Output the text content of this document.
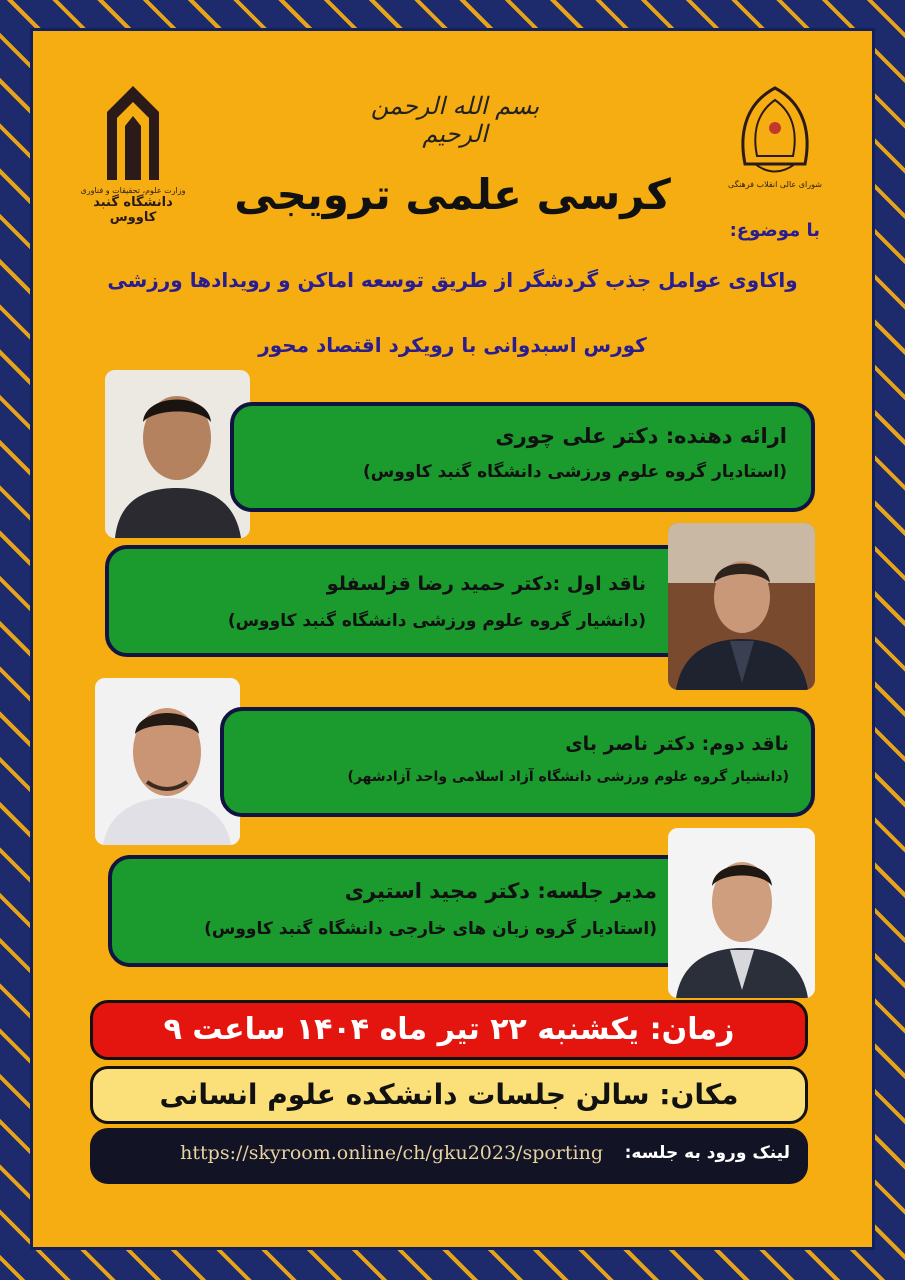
وزارت علوم، تحقیقات و فناوری
دانشگاه گنبد کاووس
شورای عالی انقلاب فرهنگی
بسم الله الرحمن الرحیم
کرسی علمی ترویجی
با موضوع:
واکاوی عوامل جذب گردشگر از طریق توسعه اماکن و رویدادها ورزشی
کورس اسبدوانی با رویکرد اقتصاد محور
ارائه دهنده: دکتر علی چوری
(استادیار گروه علوم ورزشی دانشگاه گنبد کاووس)
ناقد اول :دکتر حمید رضا قزلسفلو
(دانشیار گروه علوم ورزشی دانشگاه گنبد کاووس)
ناقد دوم: دکتر ناصر بای
(دانشیار گروه علوم ورزشی دانشگاه آزاد اسلامی واحد آزادشهر)
مدیر جلسه: دکتر مجید استیری
(استادیار گروه زبان های خارجی دانشگاه گنبد کاووس)
زمان: یکشنبه ۲۲ تیر ماه ۱۴۰۴ ساعت ۹
مکان: سالن جلسات دانشکده علوم انسانی
لینک ورود به جلسه:
https://skyroom.online/ch/gku2023/sporting
